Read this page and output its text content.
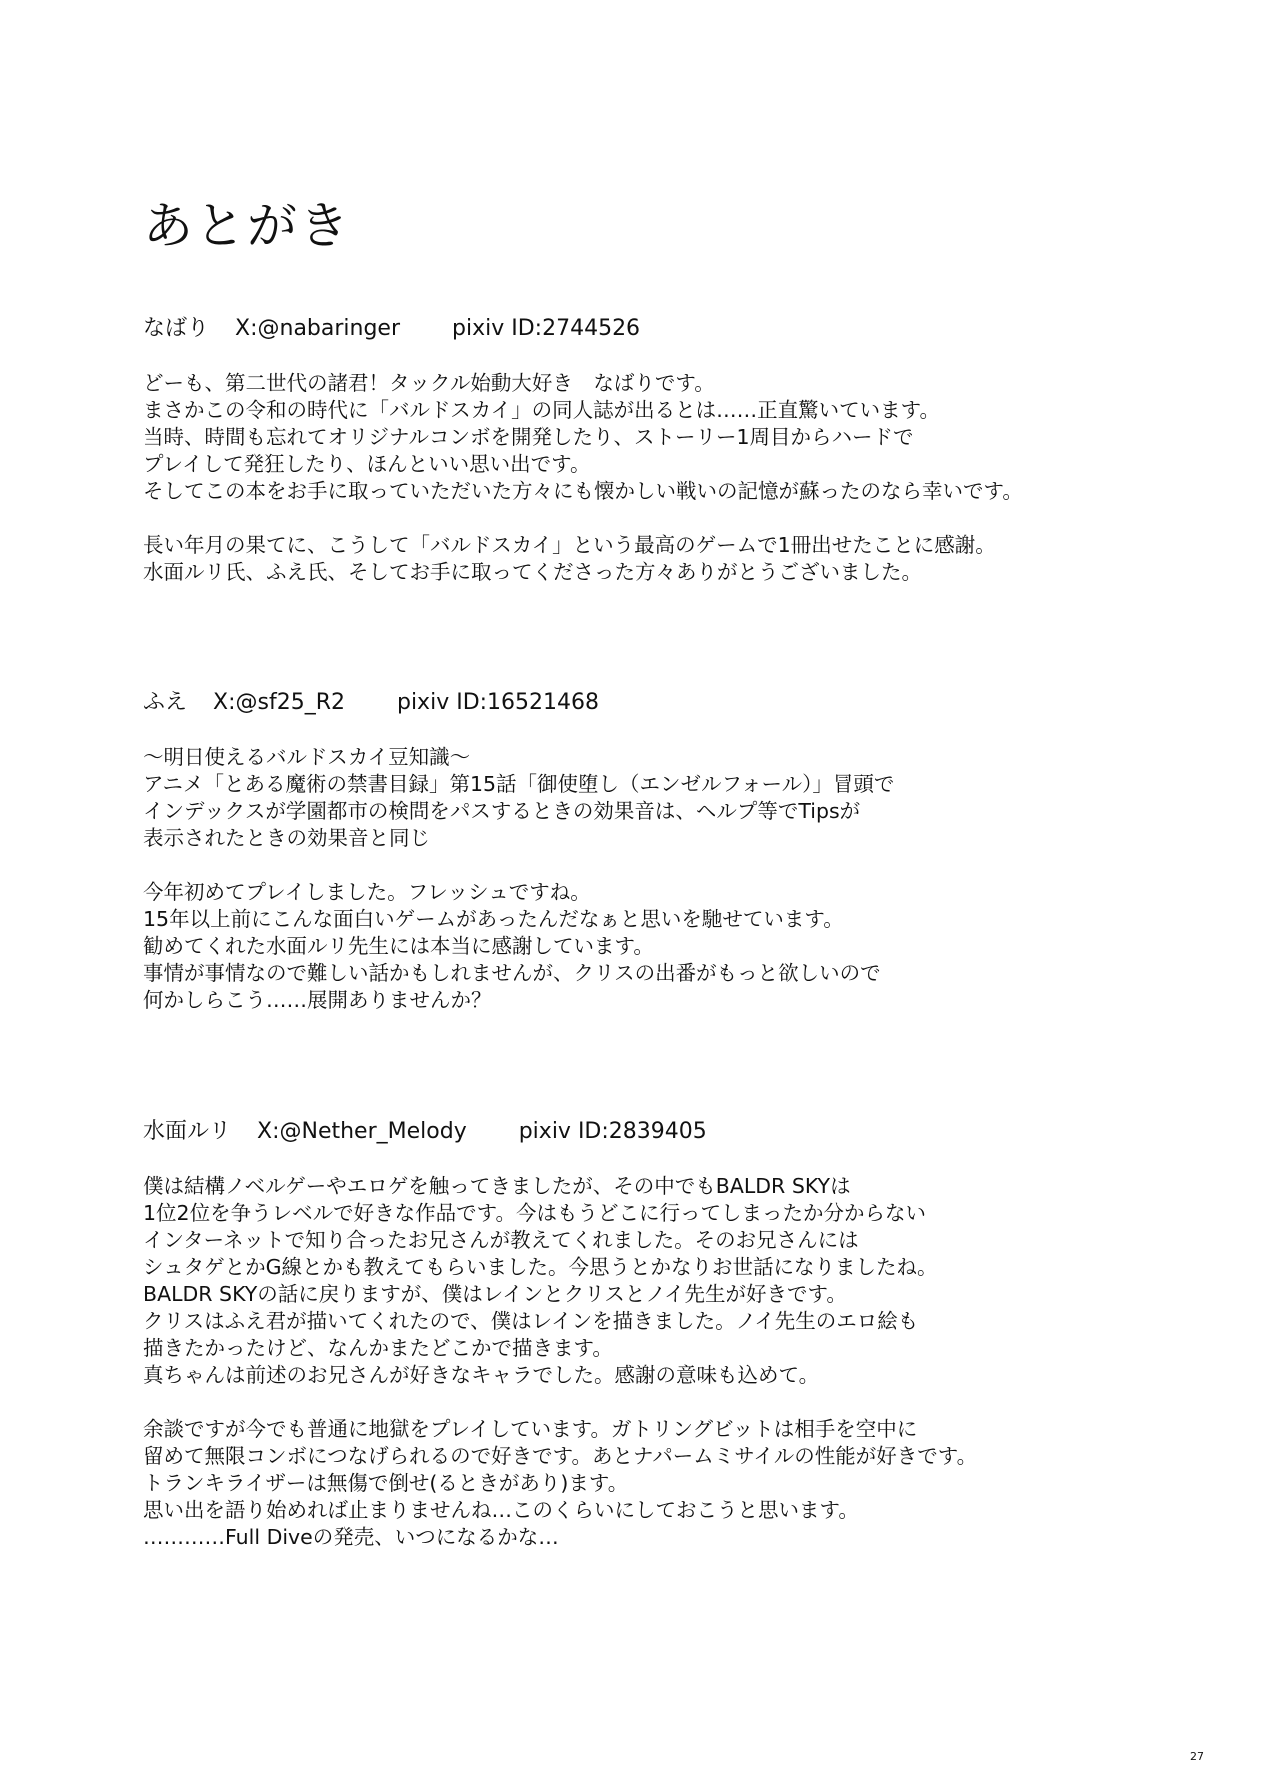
あとがき
なばり X:@nabaringer pixiv ID:2744526
どーも、第二世代の諸君！タックル始動大好き　なばりです。
まさかこの令和の時代に「バルドスカイ」の同人誌が出るとは……正直驚いています。
当時、時間も忘れてオリジナルコンボを開発したり、ストーリー1周目からハードで
プレイして発狂したり、ほんといい思い出です。
そしてこの本をお手に取っていただいた方々にも懐かしい戦いの記憶が蘇ったのなら幸いです。
長い年月の果てに、こうして「バルドスカイ」という最高のゲームで1冊出せたことに感謝。
水面ルリ氏、ふえ氏、そしてお手に取ってくださった方々ありがとうございました。
ふえ X:@sf25_R2 pixiv ID:16521468
〜明日使えるバルドスカイ豆知識〜
アニメ「とある魔術の禁書目録」第15話「御使堕し（エンゼルフォール）」冒頭で
インデックスが学園都市の検問をパスするときの効果音は、ヘルプ等でTipsが
表示されたときの効果音と同じ
今年初めてプレイしました。フレッシュですね。
15年以上前にこんな面白いゲームがあったんだなぁと思いを馳せています。
勧めてくれた水面ルリ先生には本当に感謝しています。
事情が事情なので難しい話かもしれませんが、クリスの出番がもっと欲しいので
何かしらこう……展開ありませんか？
水面ルリ X:@Nether_Melody pixiv ID:2839405
僕は結構ノベルゲーやエロゲを触ってきましたが、その中でもBALDR SKYは
1位2位を争うレベルで好きな作品です。今はもうどこに行ってしまったか分からない
インターネットで知り合ったお兄さんが教えてくれました。そのお兄さんには
シュタゲとかG線とかも教えてもらいました。今思うとかなりお世話になりましたね。
BALDR SKYの話に戻りますが、僕はレインとクリスとノイ先生が好きです。
クリスはふえ君が描いてくれたので、僕はレインを描きました。ノイ先生のエロ絵も
描きたかったけど、なんかまたどこかで描きます。
真ちゃんは前述のお兄さんが好きなキャラでした。感謝の意味も込めて。
余談ですが今でも普通に地獄をプレイしています。ガトリングビットは相手を空中に
留めて無限コンボにつなげられるので好きです。あとナパームミサイルの性能が好きです。
トランキライザーは無傷で倒せ(るときがあり)ます。
思い出を語り始めれば止まりませんね…このくらいにしておこうと思います。
…………Full Diveの発売、いつになるかな…
27
